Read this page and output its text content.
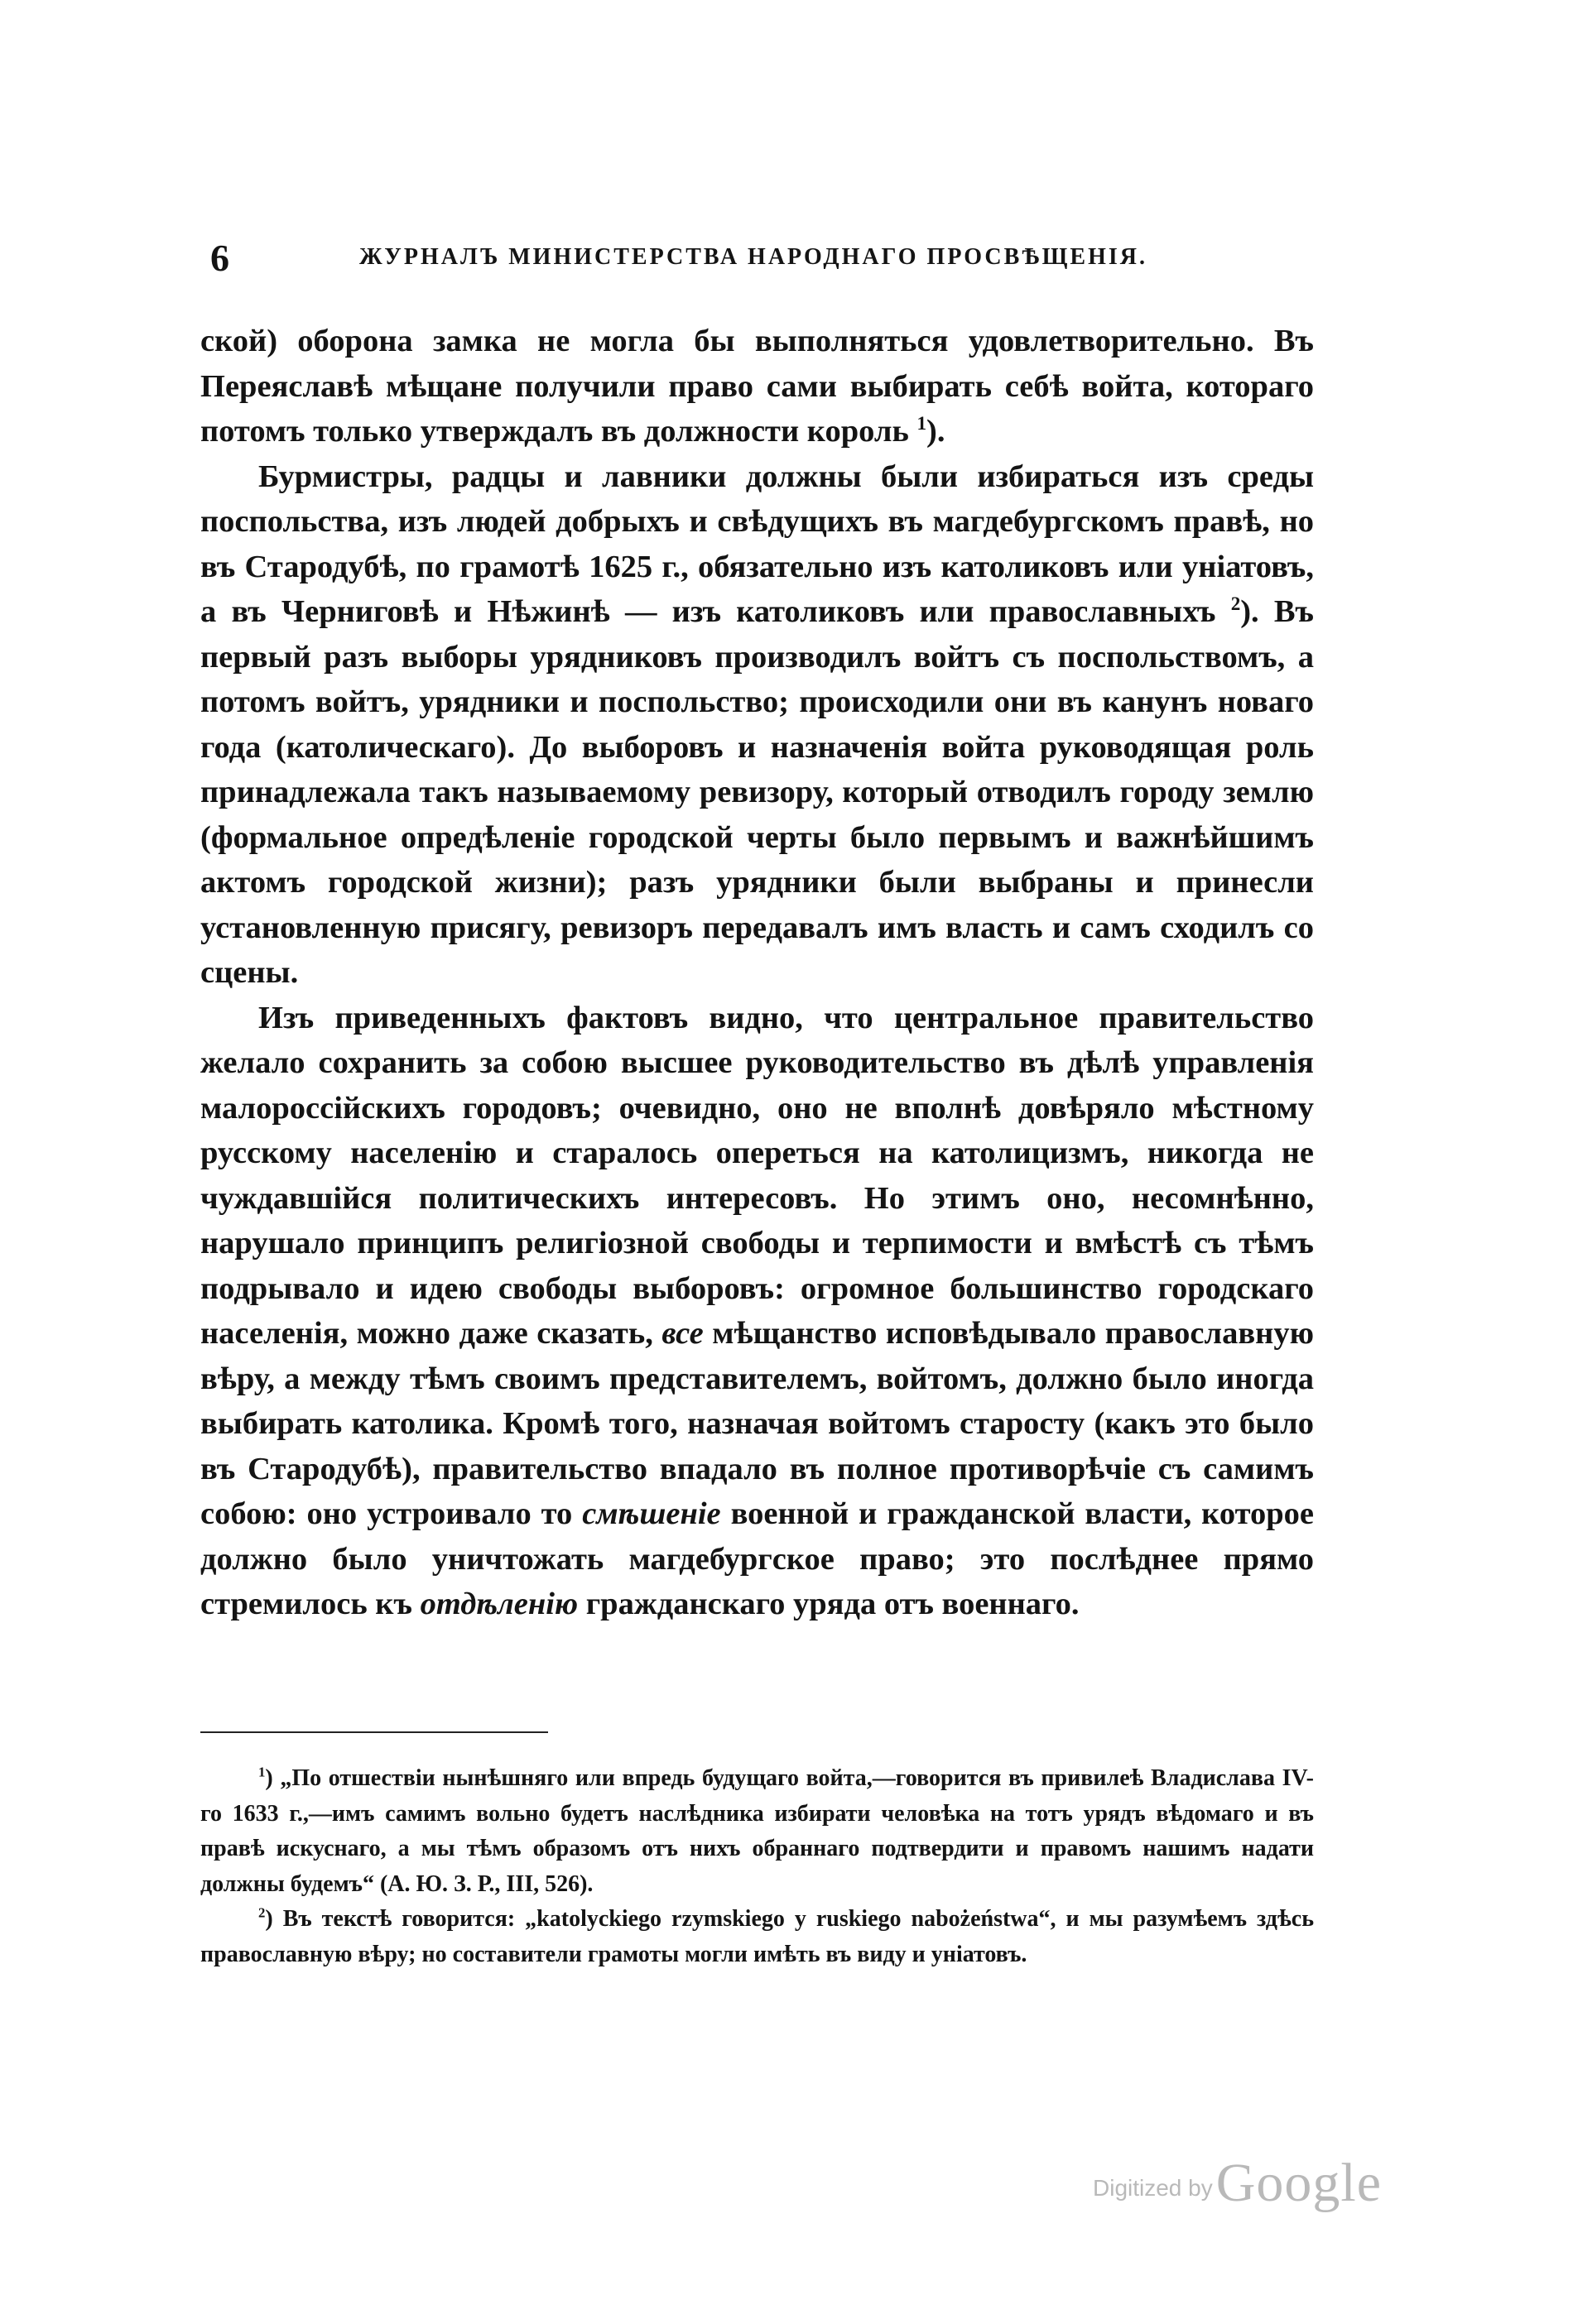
6	ЖУРНАЛЪ МИНИСТЕРСТВА НАРОДНАГО ПРОСВѢЩЕНІЯ.

ской) оборона замка не могла бы выполняться удовлетворительно. Въ Переяславѣ мѣщане получили право сами выбирать себѣ войта, котораго потомъ только утверждалъ въ должности король $^1$).

Бурмистры, радцы и лавники должны были избираться изъ среды поспольства, изъ людей добрыхъ и свѣдущихъ въ магдебургскомъ правѣ, но въ Стародубѣ, по грамотѣ 1625 г., обязательно изъ католиковъ или уніатовъ, а въ Черниговѣ и Нѣжинѣ — изъ католиковъ или православныхъ $^2$). Въ первый разъ выборы урядниковъ производилъ войтъ съ поспольствомъ, а потомъ войтъ, урядники и поспольство; происходили они въ канунъ новаго года (католическаго). До выборовъ и назначенія войта руководящая роль принадлежала такъ называемому ревизору, который отводилъ городу землю (формальное опредѣленіе городской черты было первымъ и важнѣйшимъ актомъ городской жизни); разъ урядники были выбраны и принесли установленную присягу, ревизоръ передавалъ имъ власть и самъ сходилъ со сцены.

Изъ приведенныхъ фактовъ видно, что центральное правительство желало сохранить за собою высшее руководительство въ дѣлѣ управленія малороссійскихъ городовъ; очевидно, оно не вполнѣ довѣряло мѣстному русскому населенію и старалось опереться на католицизмъ, никогда не чуждавшійся политическихъ интересовъ. Но этимъ оно, несомнѣнно, нарушало принципъ религіозной свободы и терпимости и вмѣстѣ съ тѣмъ подрывало и идею свободы выборовъ: огромное большинство городскаго населенія, можно даже сказать, все мѣщанство исповѣдывало православную вѣру, а между тѣмъ своимъ представителемъ, войтомъ, должно было иногда выбирать католика. Кромѣ того, назначая войтомъ старосту (какъ это было въ Стародубѣ), правительство впадало въ полное противорѣчіе съ самимъ собою: оно устроивало то смѣшеніе военной и гражданской власти, которое должно было уничтожать магдебургское право; это послѣднее прямо стремилось къ отдѣленію гражданскаго уряда отъ военнаго.

$^1$) „По отшествіи нынѣшняго или впредь будущаго войта,—говорится въ привилеѣ Владислава IV-го 1633 г.,—имъ самимъ вольно будетъ наслѣдника избирати человѣка на тотъ урядъ вѣдомаго и въ правѣ искуснаго, а мы тѣмъ образомъ отъ нихъ обраннаго подтвердити и правомъ нашимъ надати должны будемъ“ (А. Ю. З. Р., III, 526).

$^2$) Въ текстѣ говорится: „katolyckiego rzymskiego y ruskiego nabożeństwa“, и мы разумѣемъ здѣсь православную вѣру; но составители грамоты могли имѣть въ виду и уніатовъ.

Digitized by Google
